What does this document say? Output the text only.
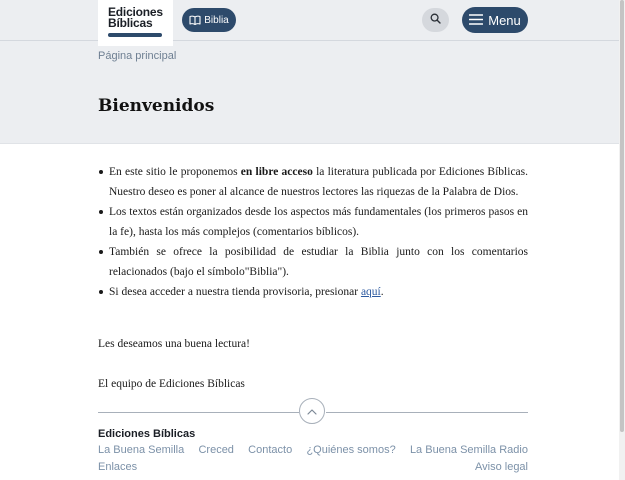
Ediciones
Bíblicas	Biblia	Menu
Página principal
Bienvenidos
En este sitio le proponemos en libre acceso la literatura publicada por Ediciones Bíblicas. Nuestro deseo es poner al alcance de nuestros lectores las riquezas de la Palabra de Dios.
Los textos están organizados desde los aspectos más fundamentales (los primeros pasos en la fe), hasta los más complejos (comentarios bíblicos).
También se ofrece la posibilidad de estudiar la Biblia junto con los comentarios relacionados (bajo el símbolo"Biblia").
Si desea acceder a nuestra tienda provisoria, presionar aquí.
Les deseamos una buena lectura!
El equipo de Ediciones Bíblicas
Ediciones Bíblicas
La Buena Semilla Creced Contacto ¿Quiénes somos? La Buena Semilla Radio
Enlaces	Aviso legal
